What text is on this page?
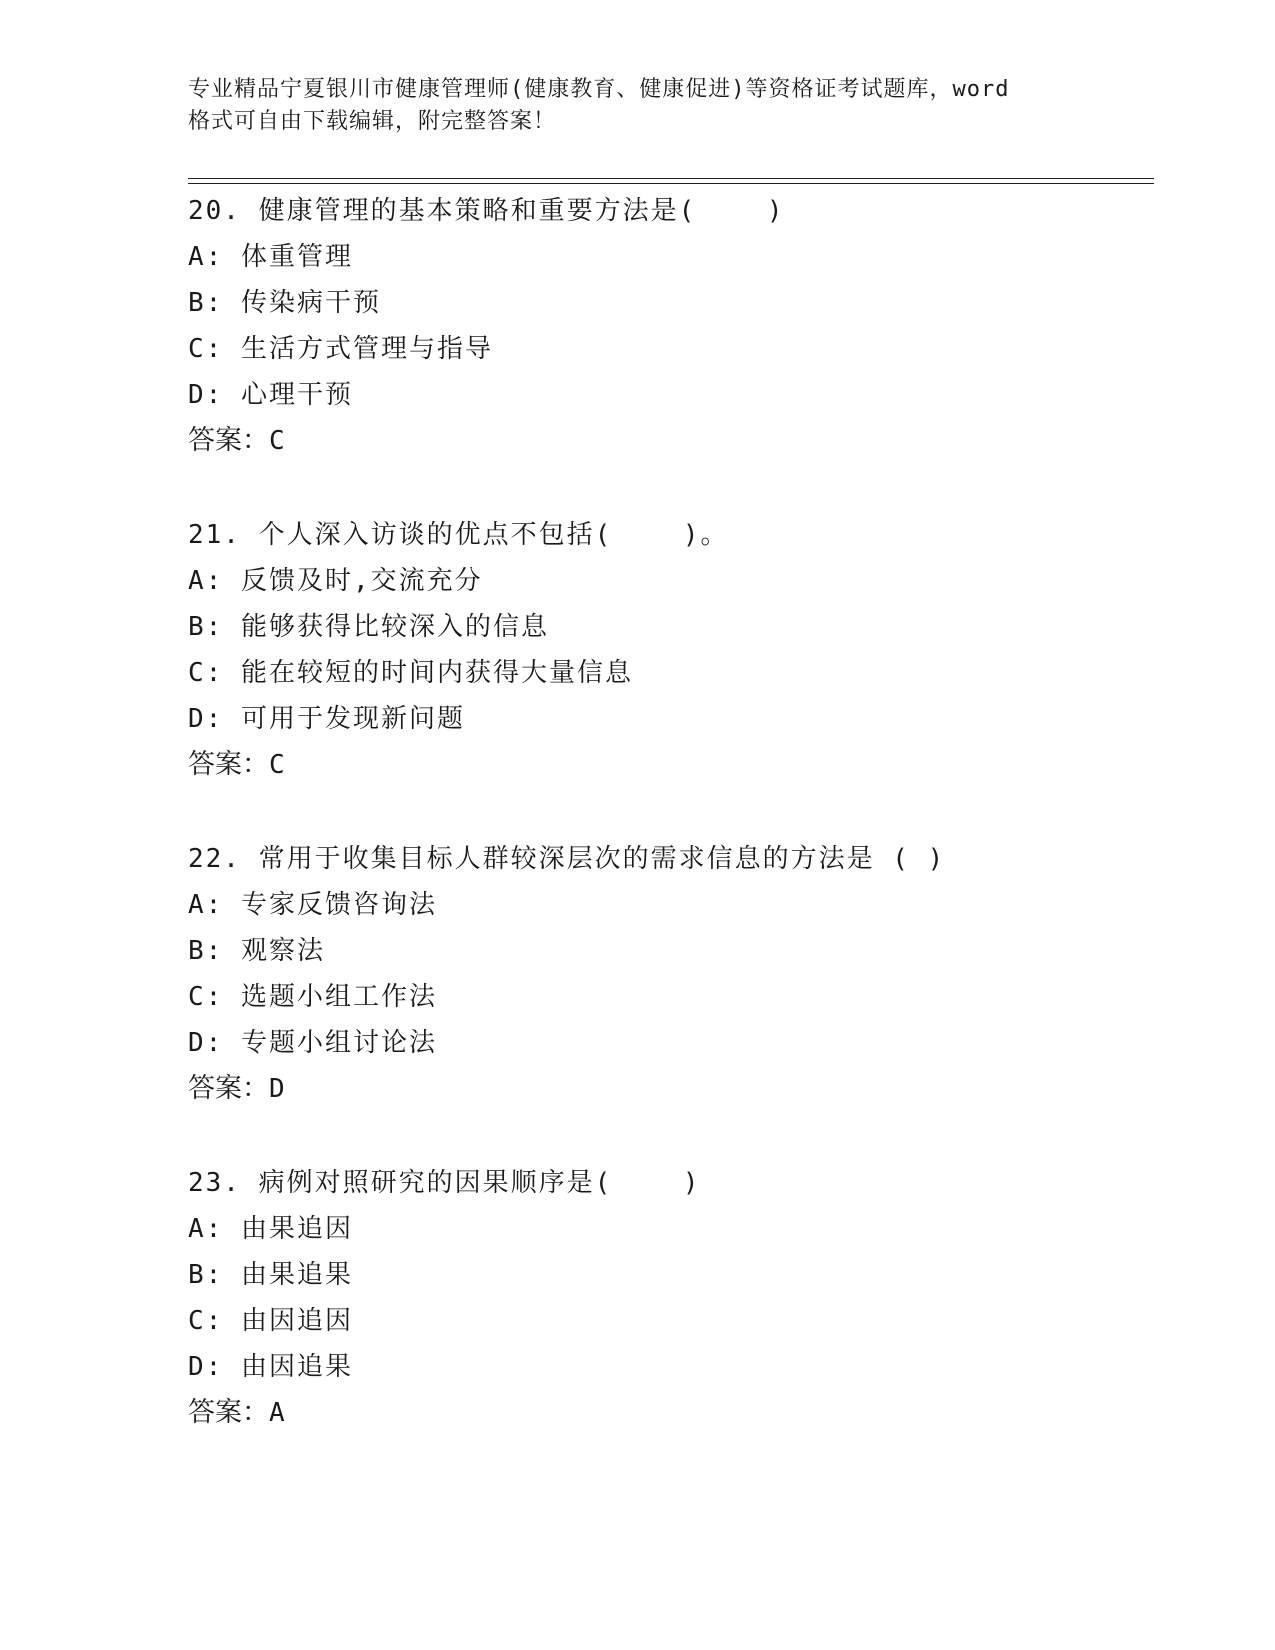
专业精品宁夏银川市健康管理师(健康教育、健康促进)等资格证考试题库，word
格式可自由下载编辑，附完整答案！
20. 健康管理的基本策略和重要方法是(    )
A: 体重管理
B: 传染病干预
C: 生活方式管理与指导
D: 心理干预
答案：C
21. 个人深入访谈的优点不包括(    )。
A: 反馈及时,交流充分
B: 能够获得比较深入的信息
C: 能在较短的时间内获得大量信息
D: 可用于发现新问题
答案：C
22. 常用于收集目标人群较深层次的需求信息的方法是 ( )
A: 专家反馈咨询法
B: 观察法
C: 选题小组工作法
D: 专题小组讨论法
答案：D
23. 病例对照研究的因果顺序是(    )
A: 由果追因
B: 由果追果
C: 由因追因
D: 由因追果
答案：A
